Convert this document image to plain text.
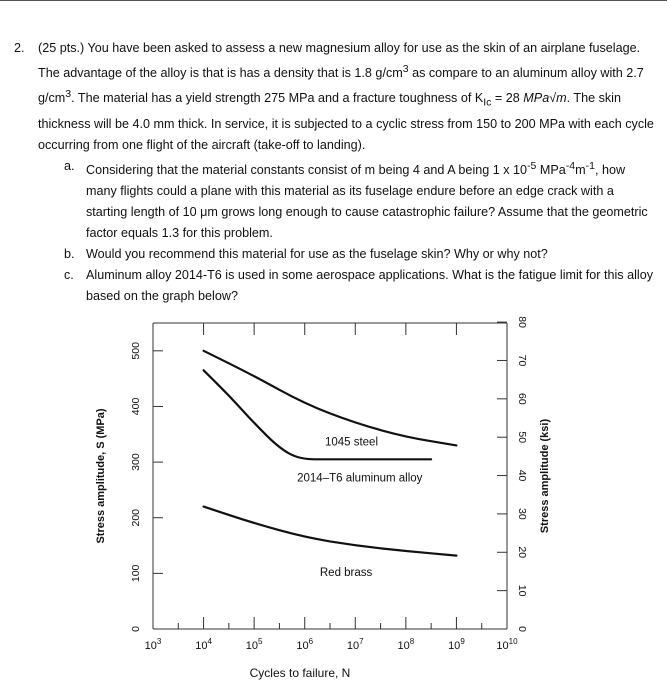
2.	(25 pts.) You have been asked to assess a new magnesium alloy for use as the skin of an airplane fuselage. The advantage of the alloy is that is has a density that is 1.8 $g/cm^3$ as compare to an aluminum alloy with 2.7 $g/cm^3$. The material has a yield strength 275 MPa and a fracture toughness of $K_{Ic} = 28$ MPa√m. The skin thickness will be 4.0 mm thick. In service, it is subjected to a cyclic stress from 150 to 200 MPa with each cycle occurring from one flight of the aircraft (take-off to landing).

a. Considering that the material constants consist of m being 4 and A being 1 x $10^{-5}$ $MPa^{-4}m^{-1}$, how many flights could a plane with this material as its fuselage endure before an edge crack with a starting length of 10 μm grows long enough to cause catastrophic failure? Assume that the geometric factor equals 1.3 for this problem.

b. Would you recommend this material for use as the fuselage skin? Why or why not?

c. Aluminum alloy 2014-T6 is used in some aerospace applications. What is the fatigue limit for this alloy based on the graph below?

$10^3$	$10^4$	$10^5$	$10^6$	$10^7$	$10^8$	$10^9$	$10^{10}$
0
100
200
300
400
500
0
10
20
30
40
50
60
70
80
Stress amplitude, S (MPa)	Stress amplitude (ksi)
Cycles to failure, N
1045 steel
2014–T6 aluminum alloy
Red brass
